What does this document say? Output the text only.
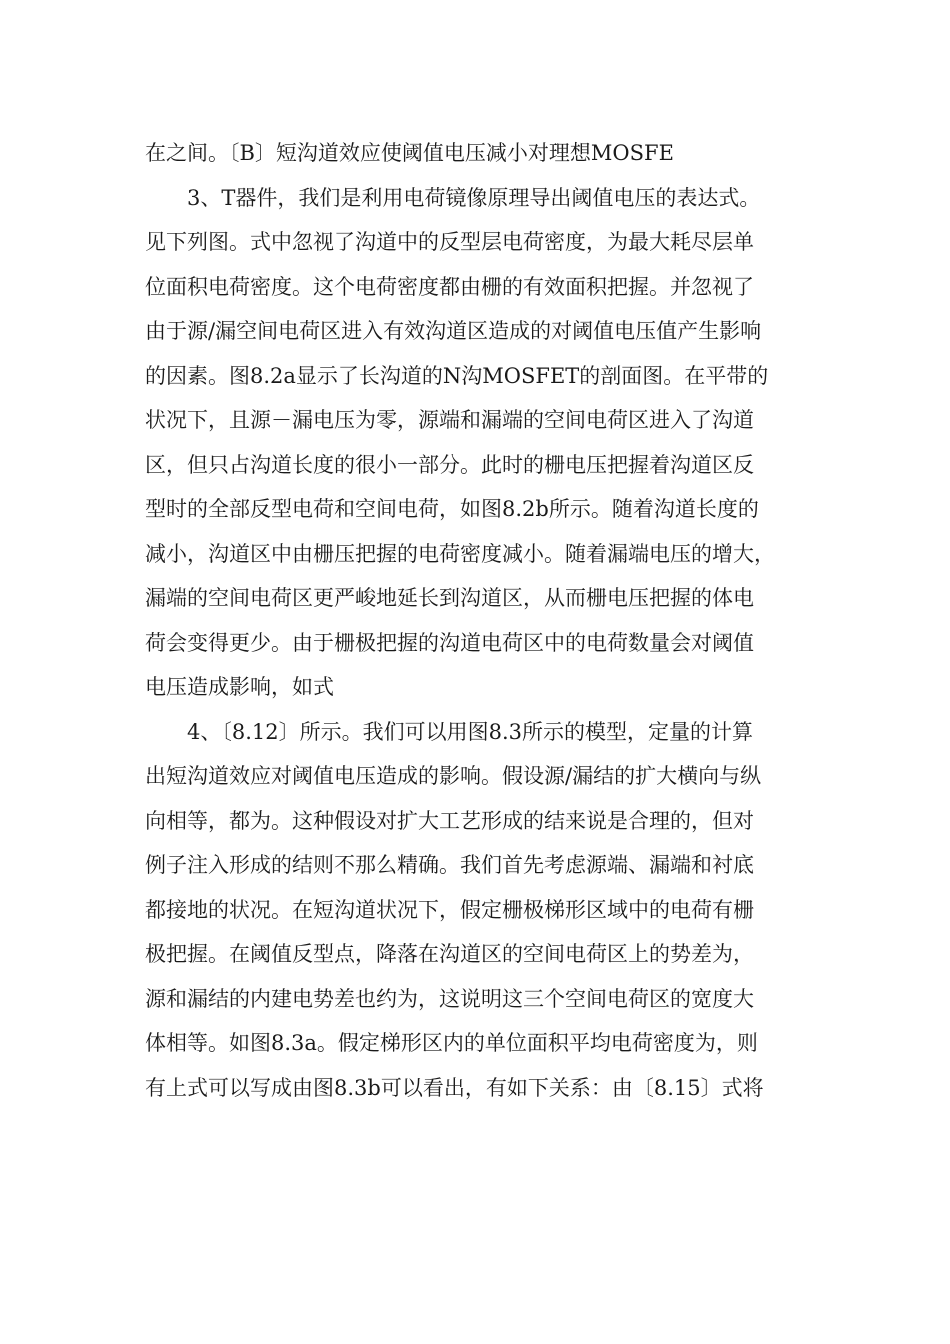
在之间。〔B〕短沟道效应使阈值电压减小对理想MOSFE
3、T器件，我们是利用电荷镜像原理导出阈值电压的表达式。
见下列图。式中忽视了沟道中的反型层电荷密度，为最大耗尽层单
位面积电荷密度。这个电荷密度都由栅的有效面积把握。并忽视了
由于源/漏空间电荷区进入有效沟道区造成的对阈值电压值产生影响
的因素。图8.2a显示了长沟道的N沟MOSFET的剖面图。在平带的
状况下，且源－漏电压为零，源端和漏端的空间电荷区进入了沟道
区，但只占沟道长度的很小一部分。此时的栅电压把握着沟道区反
型时的全部反型电荷和空间电荷，如图8.2b所示。随着沟道长度的
减小，沟道区中由栅压把握的电荷密度减小。随着漏端电压的增大，
漏端的空间电荷区更严峻地延长到沟道区，从而栅电压把握的体电
荷会变得更少。由于栅极把握的沟道电荷区中的电荷数量会对阈值
电压造成影响，如式
4、〔8.12〕所示。我们可以用图8.3所示的模型，定量的计算
出短沟道效应对阈值电压造成的影响。假设源/漏结的扩大横向与纵
向相等，都为。这种假设对扩大工艺形成的结来说是合理的，但对
例子注入形成的结则不那么精确。我们首先考虑源端、漏端和衬底
都接地的状况。在短沟道状况下，假定栅极梯形区域中的电荷有栅
极把握。在阈值反型点，降落在沟道区的空间电荷区上的势差为，
源和漏结的内建电势差也约为，这说明这三个空间电荷区的宽度大
体相等。如图8.3a。假定梯形区内的单位面积平均电荷密度为，则
有上式可以写成由图8.3b可以看出，有如下关系：由〔8.15〕式将
